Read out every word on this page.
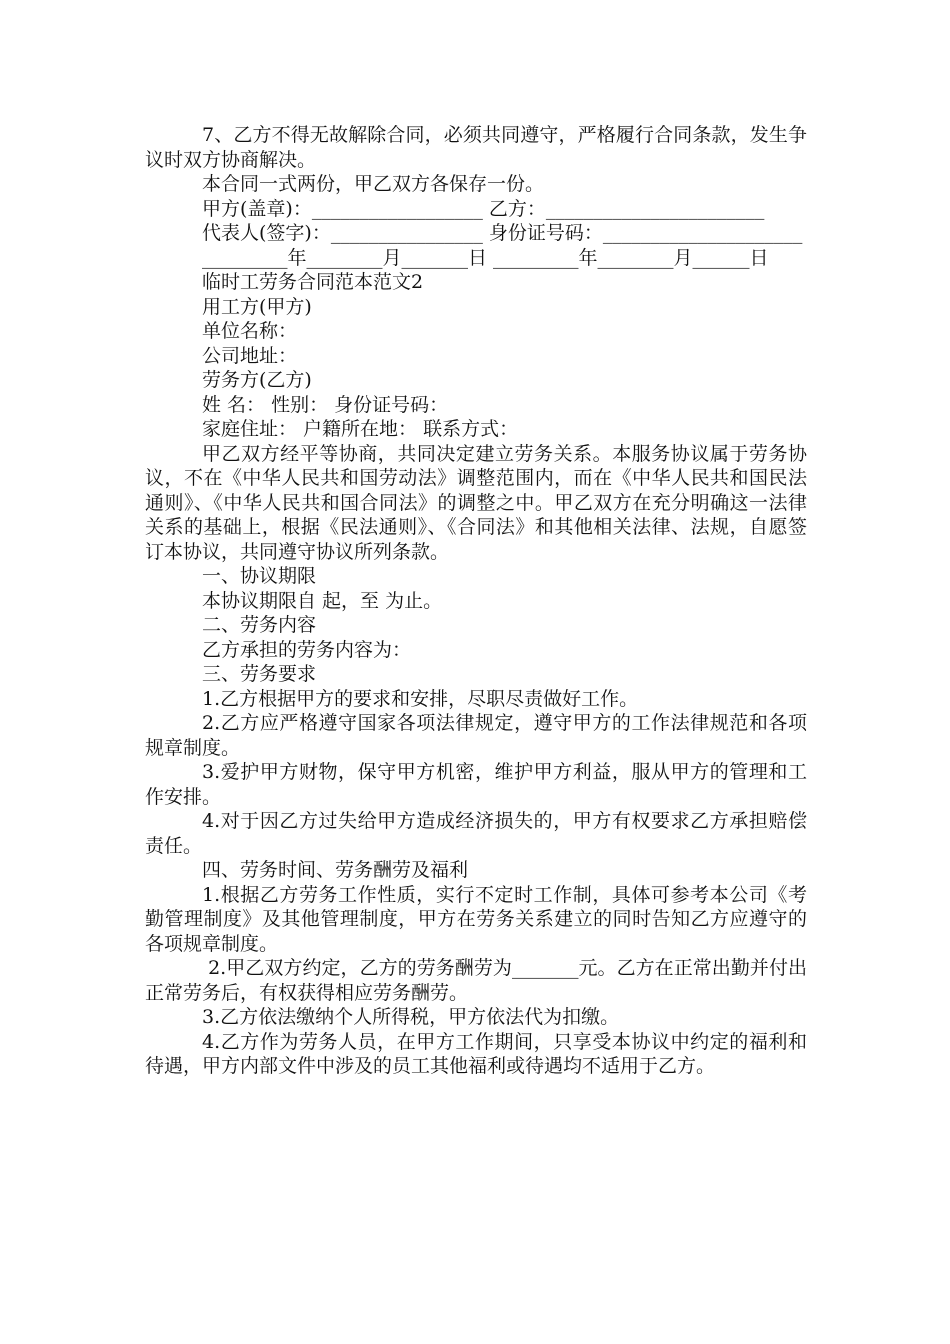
7、乙方不得无故解除合同，必须共同遵守，严格履行合同条款，发生争议时双方协商解决。

本合同一式两份，甲乙双方各保存一份。

甲方(盖章)：__________________ 乙方：_______________________

代表人(签字)：________________ 身份证号码：_____________________

_________年________月_______日 _________年________月______日

临时工劳务合同范本范文2

用工方(甲方)

单位名称：

公司地址：

劳务方(乙方)

姓 名： 性别： 身份证号码：

家庭住址： 户籍所在地： 联系方式：

甲乙双方经平等协商，共同决定建立劳务关系。本服务协议属于劳务协议，不在《中华人民共和国劳动法》调整范围内，而在《中华人民共和国民法通则》、《中华人民共和国合同法》的调整之中。甲乙双方在充分明确这一法律关系的基础上，根据《民法通则》、《合同法》和其他相关法律、法规，自愿签订本协议，共同遵守协议所列条款。

一、协议期限

本协议期限自 起，至 为止。

二、劳务内容

乙方承担的劳务内容为：

三、劳务要求

1.乙方根据甲方的要求和安排，尽职尽责做好工作。

2.乙方应严格遵守国家各项法律规定，遵守甲方的工作法律规范和各项规章制度。

3.爱护甲方财物，保守甲方机密，维护甲方利益，服从甲方的管理和工作安排。

4.对于因乙方过失给甲方造成经济损失的，甲方有权要求乙方承担赔偿责任。

四、劳务时间、劳务酬劳及福利

1.根据乙方劳务工作性质，实行不定时工作制，具体可参考本公司《考勤管理制度》及其他管理制度，甲方在劳务关系建立的同时告知乙方应遵守的各项规章制度。

2.甲乙双方约定，乙方的劳务酬劳为_______元。乙方在正常出勤并付出正常劳务后，有权获得相应劳务酬劳。

3.乙方依法缴纳个人所得税，甲方依法代为扣缴。

4.乙方作为劳务人员，在甲方工作期间，只享受本协议中约定的福利和待遇，甲方内部文件中涉及的员工其他福利或待遇均不适用于乙方。
